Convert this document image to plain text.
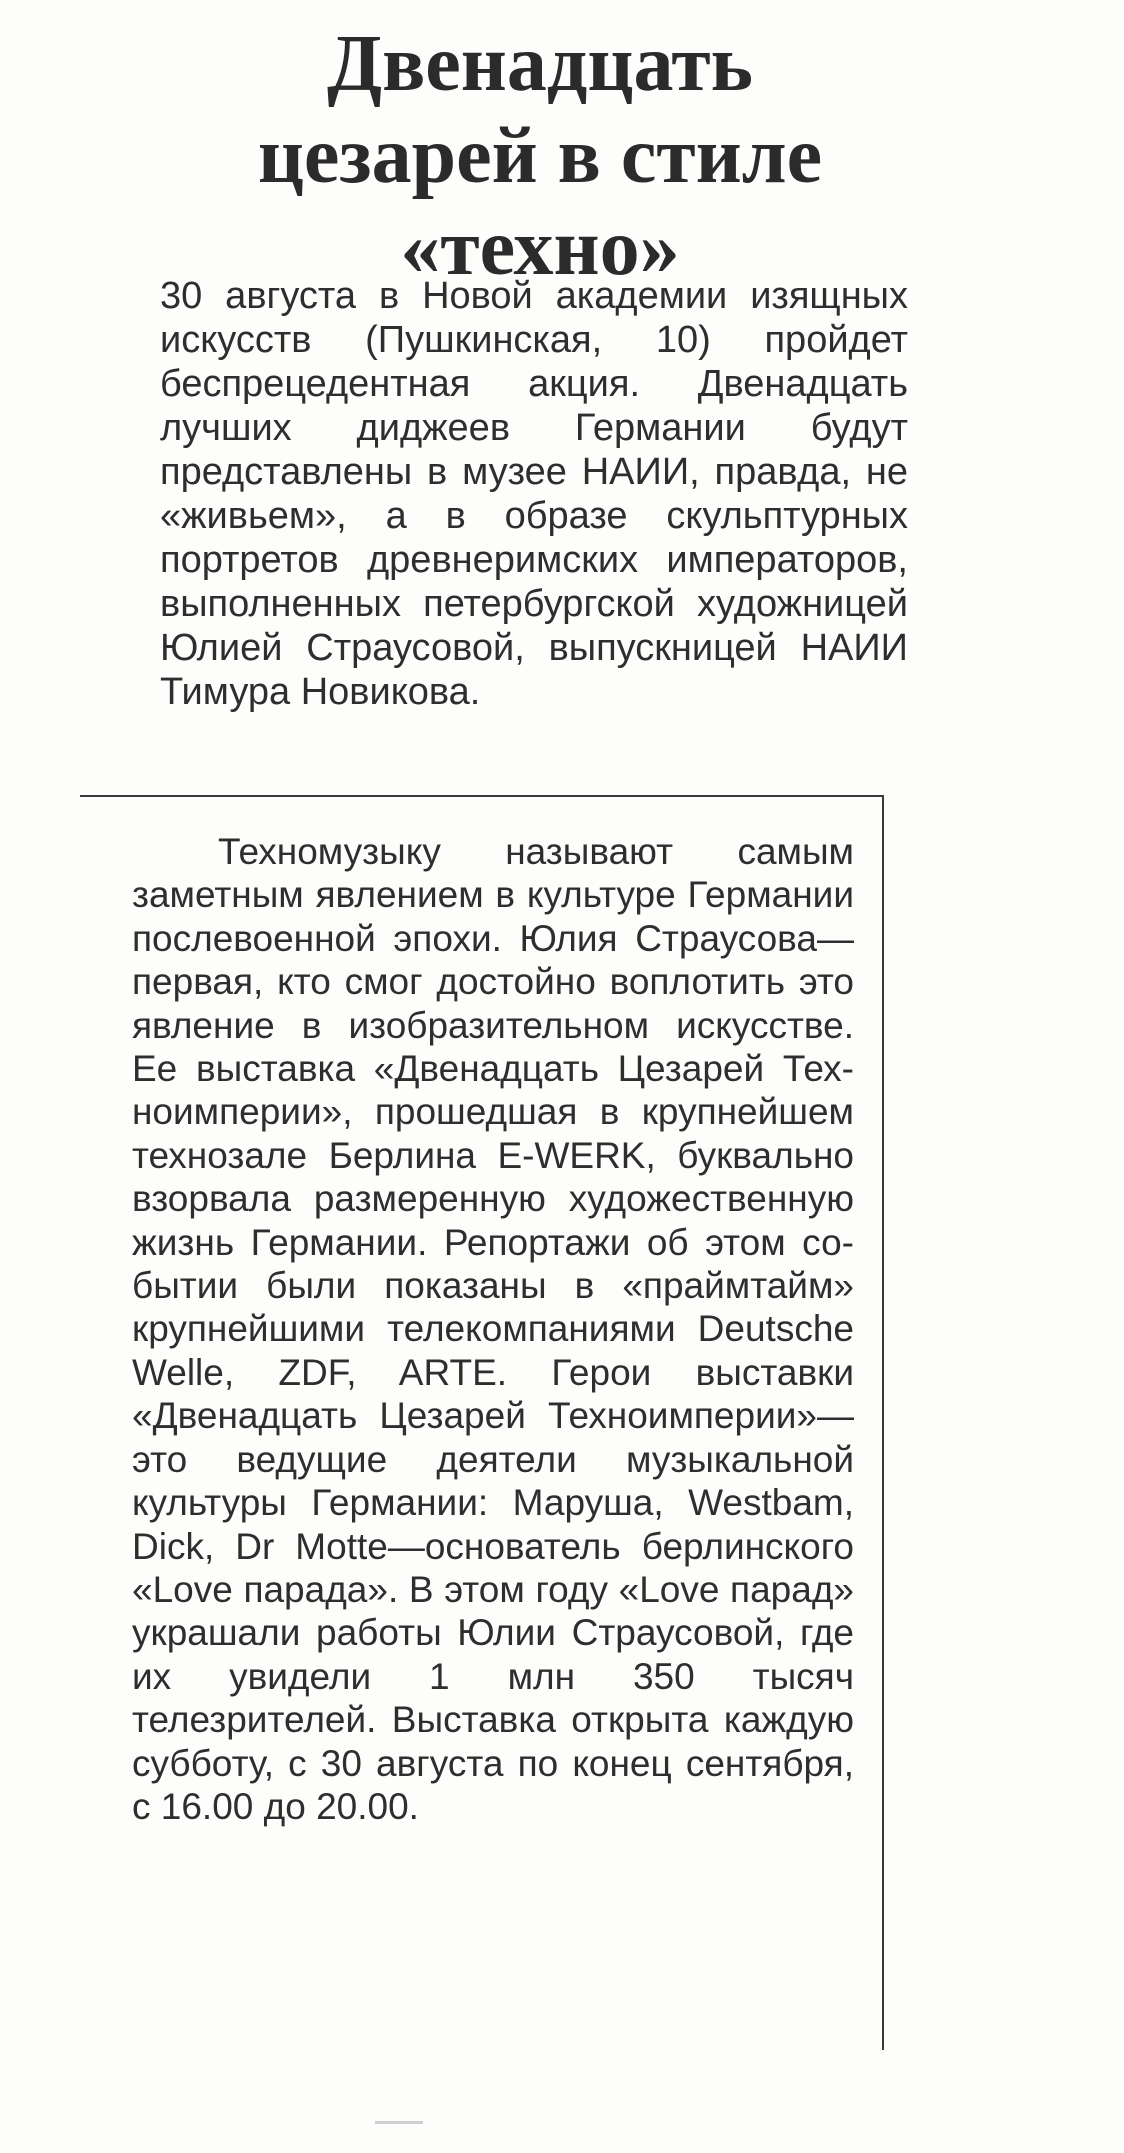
Двенадцать
цезарей в стиле
«техно»

30 августа в Новой академии изящных искусств (Пушкинская, 10) пройдет беспрецедентная акция. Двенадцать лучших диджеев Германии будут представлены в музее НАИИ, правда, не «живьем», а в образе скульптурных портретов древнеримских императоров, выполненных петербургской художницей Юлией Страусовой, выпускницей НАИИ Тимура Новикова.

Техномузыку называют самым заметным явлением в культуре Германии послевоенной эпохи. Юлия Страусова—первая, кто смог достойно воплотить это явление в изобразительном искусстве. Ее выставка «Двенадцать Цезарей Техноимперии», прошедшая в крупнейшем технозале Берлина Е-WERK, буквально взорвала размеренную художественную жизнь Германии. Репортажи об этом событии были показаны в «праймтайм» крупнейшими телекомпаниями Deutsche Welle, ZDF, ARTE. Герои выставки «Двенадцать Цезарей Техноимперии»—это ведущие деятели музыкальной культуры Германии: Маруша, Westbam, Dick, Dr Motte—основатель берлинского «Love парада». В этом году «Love парад» украшали работы Юлии Страусовой, где их увидели 1 млн 350 тысяч телезрителей. Выставка открыта каждую субботу, с 30 августа по конец сентября, с 16.00 до 20.00.
